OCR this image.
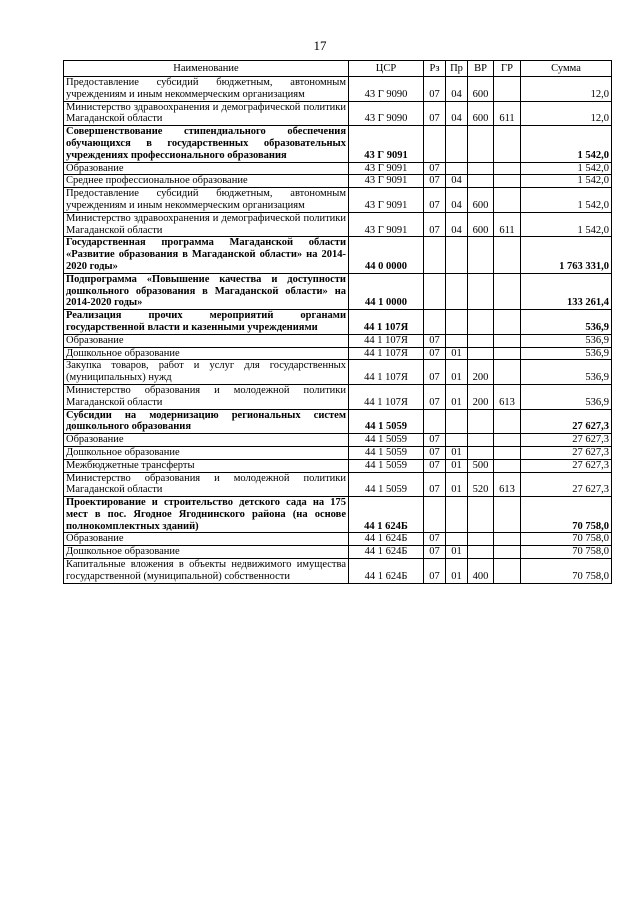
17
Наименование	ЦСР	Рз	Пр	ВР	ГР	Сумма
Предоставление субсидий бюджетным, автономным учреждениям и иным некоммерческим организациям	43 Г 9090	07	04	600		12,0
Министерство здравоохранения и демографической политики Магаданской области	43 Г 9090	07	04	600	611	12,0
Совершенствование стипендиального обеспечения обучающихся в государственных образовательных учреждениях профессионального образования	43 Г 9091					1 542,0
Образование	43 Г 9091	07				1 542,0
Среднее профессиональное образование	43 Г 9091	07	04			1 542,0
Предоставление субсидий бюджетным, автономным учреждениям и иным некоммерческим организациям	43 Г 9091	07	04	600		1 542,0
Министерство здравоохранения и демографической политики Магаданской области	43 Г 9091	07	04	600	611	1 542,0
Государственная программа Магаданской области «Развитие образования в Магаданской области» на 2014-2020 годы»	44 0 0000					1 763 331,0
Подпрограмма «Повышение качества и доступности дошкольного образования в Магаданской области» на 2014-2020 годы»	44 1 0000					133 261,4
Реализация прочих мероприятий органами государственной власти и казенными учреждениями	44 1 107Я					536,9
Образование	44 1 107Я	07				536,9
Дошкольное образование	44 1 107Я	07	01			536,9
Закупка товаров, работ и услуг для государственных (муниципальных) нужд	44 1 107Я	07	01	200		536,9
Министерство образования и молодежной политики Магаданской области	44 1 107Я	07	01	200	613	536,9
Субсидии на модернизацию региональных систем дошкольного образования	44 1 5059					27 627,3
Образование	44 1 5059	07				27 627,3
Дошкольное образование	44 1 5059	07	01			27 627,3
Межбюджетные трансферты	44 1 5059	07	01	500		27 627,3
Министерство образования и молодежной политики Магаданской области	44 1 5059	07	01	520	613	27 627,3
Проектирование и строительство детского сада на 175 мест в пос. Ягодное Ягоднинского района (на основе полнокомплектных зданий)	44 1 624Б					70 758,0
Образование	44 1 624Б	07				70 758,0
Дошкольное образование	44 1 624Б	07	01			70 758,0
Капитальные вложения в объекты недвижимого имущества государственной (муниципальной) собственности	44 1 624Б	07	01	400		70 758,0
